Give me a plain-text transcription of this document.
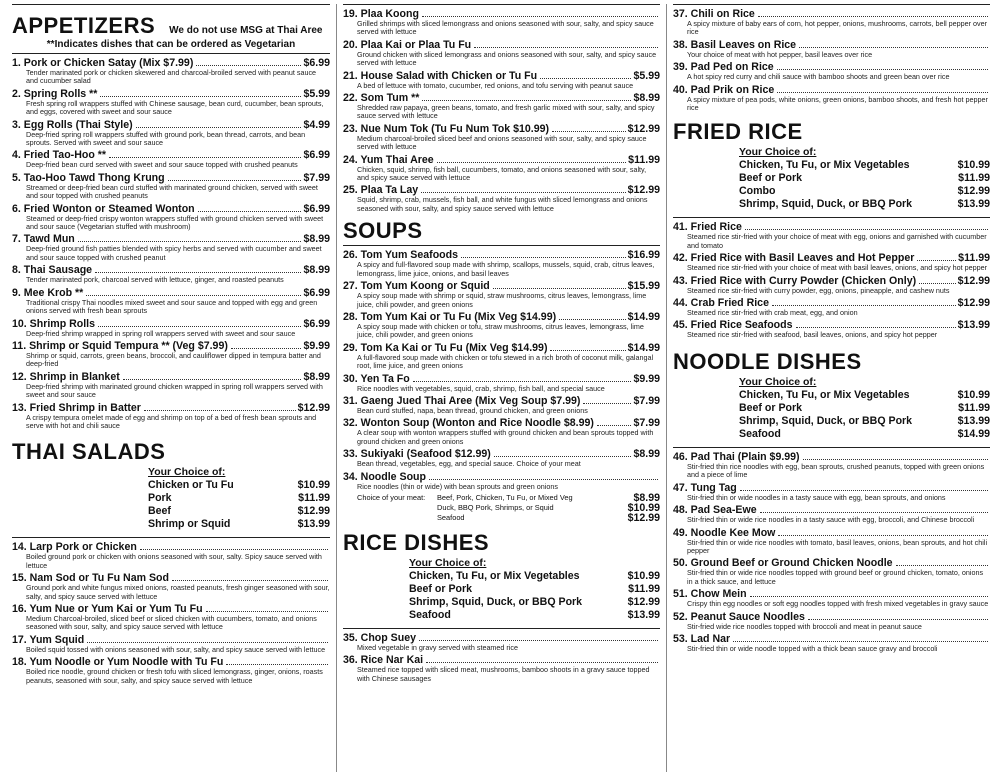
APPETIZERS We do not use MSG at Thai Aree
**Indicates dishes that can be ordered as Vegetarian
1. Pork or Chicken Satay (Mix $7.99)	$6.99
Tender marinated pork or chicken skewered and charcoal-broiled served with peanut sauce and cucumber salad
2. Spring Rolls **	$5.99
Fresh spring roll wrappers stuffed with Chinese sausage, bean curd, cucumber, bean sprouts, and eggs, covered with sweet and sour sauce
3. Egg Rolls (Thai Style)	$4.99
Deep-fried spring roll wrappers stuffed with ground pork, bean thread, carrots, and bean sprouts. Served with sweet and sour sauce
4. Fried Tao-Hoo **	$6.99
Deep-fried bean curd served with sweet and sour sauce topped with crushed peanuts
5. Tao-Hoo Tawd Thong Krung	$7.99
Streamed or deep-fried bean curd stuffed with marinated ground chicken, served with sweet and sour topped with crushed peanuts
6. Fried Wonton or Steamed Wonton	$6.99
Steamed or deep-fried crispy wonton wrappers stuffed with ground chicken served with sweet and sour sauce (Vegetarian stuffed with mushroom)
7. Tawd Mun	$8.99
Deep-fried ground fish patties blended with spicy herbs and served with cucumber and sweet and sour sauce topped with crushed peanut
8. Thai Sausage	$8.99
Tender marinated pork, charcoal served with lettuce, ginger, and roasted peanuts
9. Mee Krob **	$6.99
Traditional crispy Thai noodles mixed sweet and sour sauce and topped with egg and green onions served with fresh bean sprouts
10. Shrimp Rolls	$6.99
Deep-fried shrimp wrapped in spring roll wrappers served with sweet and sour sauce
11. Shrimp or Squid Tempura ** (Veg $7.99)	$9.99
Shrimp or squid, carrots, green beans, broccoli, and cauliflower dipped in tempura batter and deep-fried
12. Shrimp in Blanket	$8.99
Deep-fried shrimp with marinated ground chicken wrapped in spring roll wrappers served with sweet and sour sauce
13. Fried Shrimp in Batter	$12.99
A crispy tempura omelet made of egg and shrimp on top of a bed of fresh bean sprouts and serve with hot and chili sauce
THAI SALADS
Your Choice of:
Chicken or Tu Fu	$10.99
Pork	$11.99
Beef	$12.99
Shrimp or Squid	$13.99
14. Larp Pork or Chicken
Boiled ground pork or chicken with onions seasoned with sour, salty. Spicy sauce served with lettuce
15. Nam Sod or Tu Fu Nam Sod
Ground pork and white fungus mixed onions, roasted peanuts, fresh ginger seasoned with sour, salty, and spicy sauce served with lettuce
16. Yum Nue or Yum Kai or Yum Tu Fu
Medium Charcoal-broiled, sliced beef or sliced chicken with cucumbers, tomato, and onions seasoned with sour, salty, and spicy sauce served with lettuce
17. Yum Squid
Boiled squid tossed with onions seasoned with sour, salty, and spicy sauce served with lettuce
18. Yum Noodle or Yum Noodle with Tu Fu
Boiled rice noodle, ground chicken or fresh tofu with sliced lemongrass, ginger, onions, roasts peanuts, seasoned with sour, salty, and spicy sauce served with lettuce
19. Plaa Koong
Grilled shrimps with sliced lemongrass and onions seasoned with sour, salty, and spicy sauce served with lettuce
20. Plaa Kai or Plaa Tu Fu
Ground chicken with sliced lemongrass and onions seasoned with sour, salty, and spicy sauce served with lettuce
21. House Salad with Chicken or Tu Fu	$5.99
A bed of lettuce with tomato, cucumber, red onions, and tofu serving with peanut sauce
22. Som Tum **	$8.99
Shredded raw papaya, green beans, tomato, and fresh garlic mixed with sour, salty, and spicy sauce served with lettuce
23. Nue Num Tok (Tu Fu Num Tok $10.99)	$12.99
Medium charcoal-broiled sliced beef and onions seasoned with sour, salty, and spicy sauce served with lettuce
24. Yum Thai Aree	$11.99
Chicken, squid, shrimp, fish ball, cucumbers, tomato, and onions seasoned with sour, salty, and spicy sauce served with lettuce
25. Plaa Ta Lay	$12.99
Squid, shrimp, crab, mussels, fish ball, and white fungus with sliced lemongrass and onions seasoned with sour, salty, and spicy sauce served with lettuce
SOUPS
26. Tom Yum Seafoods	$16.99
A spicy and full-flavored soup made with shrimp, scallops, mussels, squid, crab, citrus leaves, lemongrass, lime juice, onions, and basil leaves
27. Tom Yum Koong or Squid	$15.99
A spicy soup made with shrimp or squid, straw mushrooms, citrus leaves, lemongrass, lime juice, chili powder, and green onions
28. Tom Yum Kai or Tu Fu (Mix Veg $14.99)	$14.99
A spicy soup made with chicken or tofu, straw mushrooms, citrus leaves, lemongrass, lime juice, chili powder, and green onions
29. Tom Ka Kai or Tu Fu (Mix Veg $14.99)	$14.99
A full-flavored soup made with chicken or tofu stewed in a rich broth of coconut milk, galangal root, lime juice, and green onions
30. Yen Ta Fo	$9.99
Rice noodles with vegetables, squid, crab, shrimp, fish ball, and special sauce
31. Gaeng Jued Thai Aree (Mix Veg Soup $7.99)	$7.99
Bean curd stuffed, napa, bean thread, ground chicken, and green onions
32. Wonton Soup (Wonton and Rice Noodle $8.99)	$7.99
A clear soup with wonton wrappers stuffed with ground chicken and bean sprouts topped with ground chicken and green onions
33. Sukiyaki (Seafood $12.99)	$8.99
Bean thread, vegetables, egg, and special sauce. Choice of your meat
34. Noodle Soup
Rice noodles (thin or wide) with bean sprouts and green onions
Choice of your meat:	Beef, Pork, Chicken, Tu Fu, or Mixed Veg	$8.99
Duck, BBQ Pork, Shrimps, or Squid	$10.99
Seafood	$12.99
RICE DISHES
Your Choice of:
Chicken, Tu Fu, or Mix Vegetables	$10.99
Beef or Pork	$11.99
Shrimp, Squid, Duck, or BBQ Pork	$12.99
Seafood	$13.99
35. Chop Suey
Mixed vegetable in gravy served with steamed rice
36. Rice Nar Kai
Steamed rice topped with sliced meat, mushrooms, bamboo shoots in a gravy sauce topped with Chinese sausages
37. Chili on Rice
A spicy mixture of baby ears of corn, hot pepper, onions, mushrooms, carrots, bell pepper over rice
38. Basil Leaves on Rice
Your choice of meat with hot pepper, basil leaves over rice
39. Pad Ped on Rice
A hot spicy red curry and chili sauce with bamboo shoots and green bean over rice
40. Pad Prik on Rice
A spicy mixture of pea pods, white onions, green onions, bamboo shoots, and fresh hot pepper rice
FRIED RICE
Your Choice of:
Chicken, Tu Fu, or Mix Vegetables	$10.99
Beef or Pork	$11.99
Combo	$12.99
Shrimp, Squid, Duck, or BBQ Pork	$13.99
41. Fried Rice
Steamed rice stir-fried with your choice of meat with egg, onions and garnished with cucumber and tomato
42. Fried Rice with Basil Leaves and Hot Pepper	$11.99
Steamed rice stir-fried with your choice of meat with basil leaves, onions, and spicy hot pepper
43. Fried Rice with Curry Powder (Chicken Only)	$12.99
Steamed rice stir-fried with curry powder, egg, onions, pineapple, and cashew nuts
44. Crab Fried Rice	$12.99
Steamed rice stir-fried with crab meat, egg, and onion
45. Fried Rice Seafoods	$13.99
Steamed rice stir-fried with seafood, basil leaves, onions, and spicy hot pepper
NOODLE DISHES
Your Choice of:
Chicken, Tu Fu, or Mix Vegetables	$10.99
Beef or Pork	$11.99
Shrimp, Squid, Duck, or BBQ Pork	$13.99
Seafood	$14.99
46. Pad Thai (Plain $9.99)
Stir-fried thin rice noodles with egg, bean sprouts, crushed peanuts, topped with green onions and a piece of lime
47. Tung Tag
Stir-fried thin or wide noodles in a tasty sauce with egg, bean sprouts, and onions
48. Pad Sea-Ewe
Stir-fried thin or wide rice noodles in a tasty sauce with egg, broccoli, and Chinese broccoli
49. Noodle Kee Mow
Stir-fried thin or wide rice noodles with tomato, basil leaves, onions, bean sprouts, and hot chili pepper
50. Ground Beef or Ground Chicken Noodle
Stir-fried thin or wide rice noodles topped with ground beef or ground chicken, tomato, onions in a thick sauce, and lettuce
51. Chow Mein
Crispy thin egg noodles or soft egg noodles topped with fresh mixed vegetables in gravy sauce
52. Peanut Sauce Noodles
Stir-fried wide rice noodles topped with broccoli and meat in peanut sauce
53. Lad Nar
Stir-fried thin or wide noodle topped with a thick bean sauce gravy and broccoli
